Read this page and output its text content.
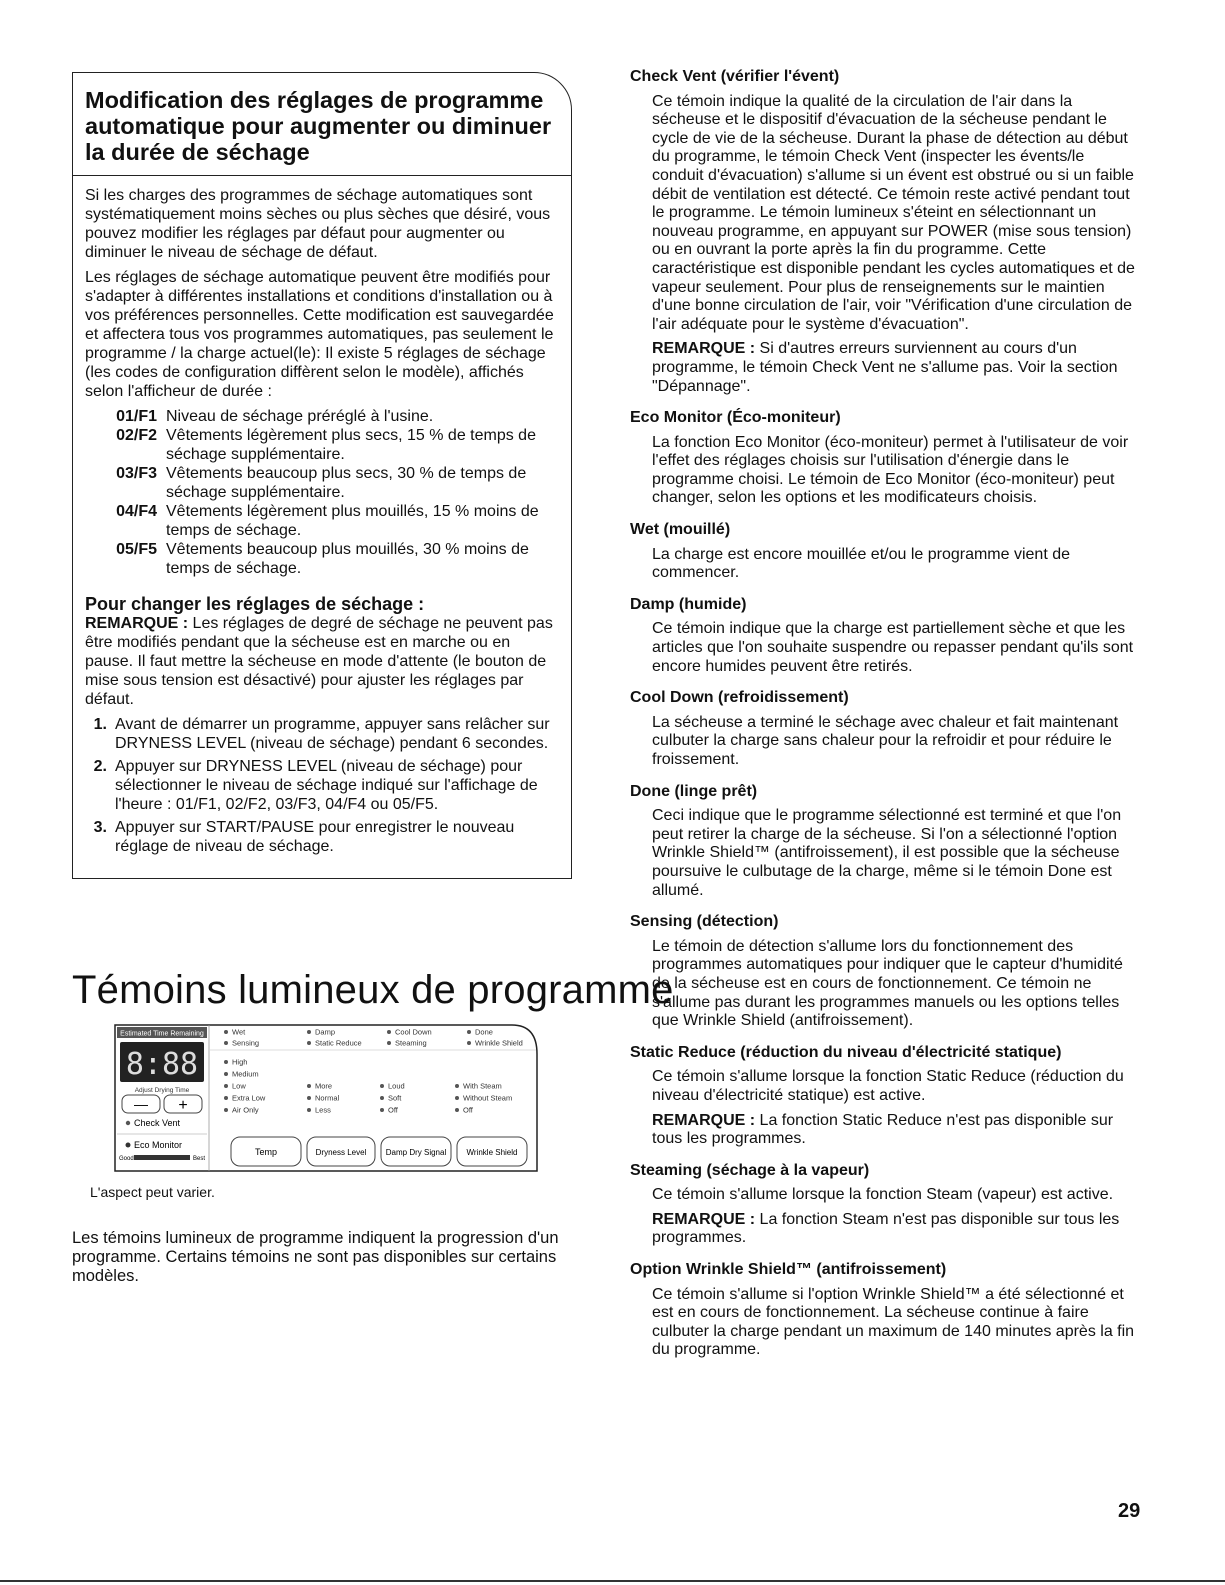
Modification des réglages de programme automatique pour augmenter ou diminuer la durée de séchage

Si les charges des programmes de séchage automatiques sont systématiquement moins sèches ou plus sèches que désiré, vous pouvez modifier les réglages par défaut pour augmenter ou diminuer le niveau de séchage de défaut.

Les réglages de séchage automatique peuvent être modifiés pour s'adapter à différentes installations et conditions d'installation ou à vos préférences personnelles. Cette modification est sauvegardée et affectera tous vos programmes automatiques, pas seulement le programme / la charge actuel(le): Il existe 5 réglages de séchage (les codes de configuration diffèrent selon le modèle), affichés selon l'afficheur de durée :

01/F1 Niveau de séchage préréglé à l'usine.
02/F2 Vêtements légèrement plus secs, 15 % de temps de séchage supplémentaire.
03/F3 Vêtements beaucoup plus secs, 30 % de temps de séchage supplémentaire.
04/F4 Vêtements légèrement plus mouillés, 15 % moins de temps de séchage.
05/F5 Vêtements beaucoup plus mouillés, 30 % moins de temps de séchage.
Pour changer les réglages de séchage :

REMARQUE : Les réglages de degré de séchage ne peuvent pas être modifiés pendant que la sécheuse est en marche ou en pause. Il faut mettre la sécheuse en mode d'attente (le bouton de mise sous tension est désactivé) pour ajuster les réglages par défaut.

1. Avant de démarrer un programme, appuyer sans relâcher sur DRYNESS LEVEL (niveau de séchage) pendant 6 secondes.
2. Appuyer sur DRYNESS LEVEL (niveau de séchage) pour sélectionner le niveau de séchage indiqué sur l'affichage de l'heure : 01/F1, 02/F2, 03/F3, 04/F4 ou 05/F5.
3. Appuyer sur START/PAUSE pour enregistrer le nouveau réglage de niveau de séchage.
Témoins lumineux de programme
Estimated Time Remaining
8:88
Adjust Drying Time
— +
Check Vent
Eco Monitor
Good	Best
Wet	Damp	Cool Down	Done
Sensing	Static Reduce	Steaming	Wrinkle Shield
High
Medium
Low
Extra Low
Air Only
More
Normal
Less
Loud
Soft
Off
With Steam
Without Steam
Off
Temp	Dryness Level Damp Dry Signal	Wrinkle Shield
L'aspect peut varier.
Les témoins lumineux de programme indiquent la progression d'un programme. Certains témoins ne sont pas disponibles sur certains modèles.
Check Vent (vérifier l'évent)

Ce témoin indique la qualité de la circulation de l'air dans la sécheuse et le dispositif d'évacuation de la sécheuse pendant le cycle de vie de la sécheuse. Durant la phase de détection au début du programme, le témoin Check Vent (inspecter les évents/le conduit d'évacuation) s'allume si un évent est obstrué ou si un faible débit de ventilation est détecté. Ce témoin reste activé pendant tout le programme. Le témoin lumineux s'éteint en sélectionnant un nouveau programme, en appuyant sur POWER (mise sous tension) ou en ouvrant la porte après la fin du programme. Cette caractéristique est disponible pendant les cycles automatiques et de vapeur seulement. Pour plus de renseignements sur le maintien d'une bonne circulation de l'air, voir "Vérification d'une circulation de l'air adéquate pour le système d'évacuation".

REMARQUE : Si d'autres erreurs surviennent au cours d'un programme, le témoin Check Vent ne s'allume pas. Voir la section "Dépannage".

Eco Monitor (Éco-moniteur)

La fonction Eco Monitor (éco-moniteur) permet à l'utilisateur de voir l'effet des réglages choisis sur l'utilisation d'énergie dans le programme choisi. Le témoin de Eco Monitor (éco-moniteur) peut changer, selon les options et les modificateurs choisis.

Wet (mouillé)

La charge est encore mouillée et/ou le programme vient de commencer.

Damp (humide)

Ce témoin indique que la charge est partiellement sèche et que les articles que l'on souhaite suspendre ou repasser pendant qu'ils sont encore humides peuvent être retirés.

Cool Down (refroidissement)

La sécheuse a terminé le séchage avec chaleur et fait maintenant culbuter la charge sans chaleur pour la refroidir et pour réduire le froissement.

Done (linge prêt)

Ceci indique que le programme sélectionné est terminé et que l'on peut retirer la charge de la sécheuse. Si l'on a sélectionné l'option Wrinkle Shield™ (antifroissement), il est possible que la sécheuse poursuive le culbutage de la charge, même si le témoin Done est allumé.

Sensing (détection)

Le témoin de détection s'allume lors du fonctionnement des programmes automatiques pour indiquer que le capteur d'humidité de la sécheuse est en cours de fonctionnement. Ce témoin ne s'allume pas durant les programmes manuels ou les options telles que Wrinkle Shield (antifroissement).

Static Reduce (réduction du niveau d'électricité statique)

Ce témoin s'allume lorsque la fonction Static Reduce (réduction du niveau d'électricité statique) est active.

REMARQUE : La fonction Static Reduce n'est pas disponible sur tous les programmes.

Steaming (séchage à la vapeur)

Ce témoin s'allume lorsque la fonction Steam (vapeur) est active.

REMARQUE : La fonction Steam n'est pas disponible sur tous les programmes.

Option Wrinkle Shield™ (antifroissement)

Ce témoin s'allume si l'option Wrinkle Shield™ a été sélectionné et est en cours de fonctionnement. La sécheuse continue à faire culbuter la charge pendant un maximum de 140 minutes après la fin du programme.

29
